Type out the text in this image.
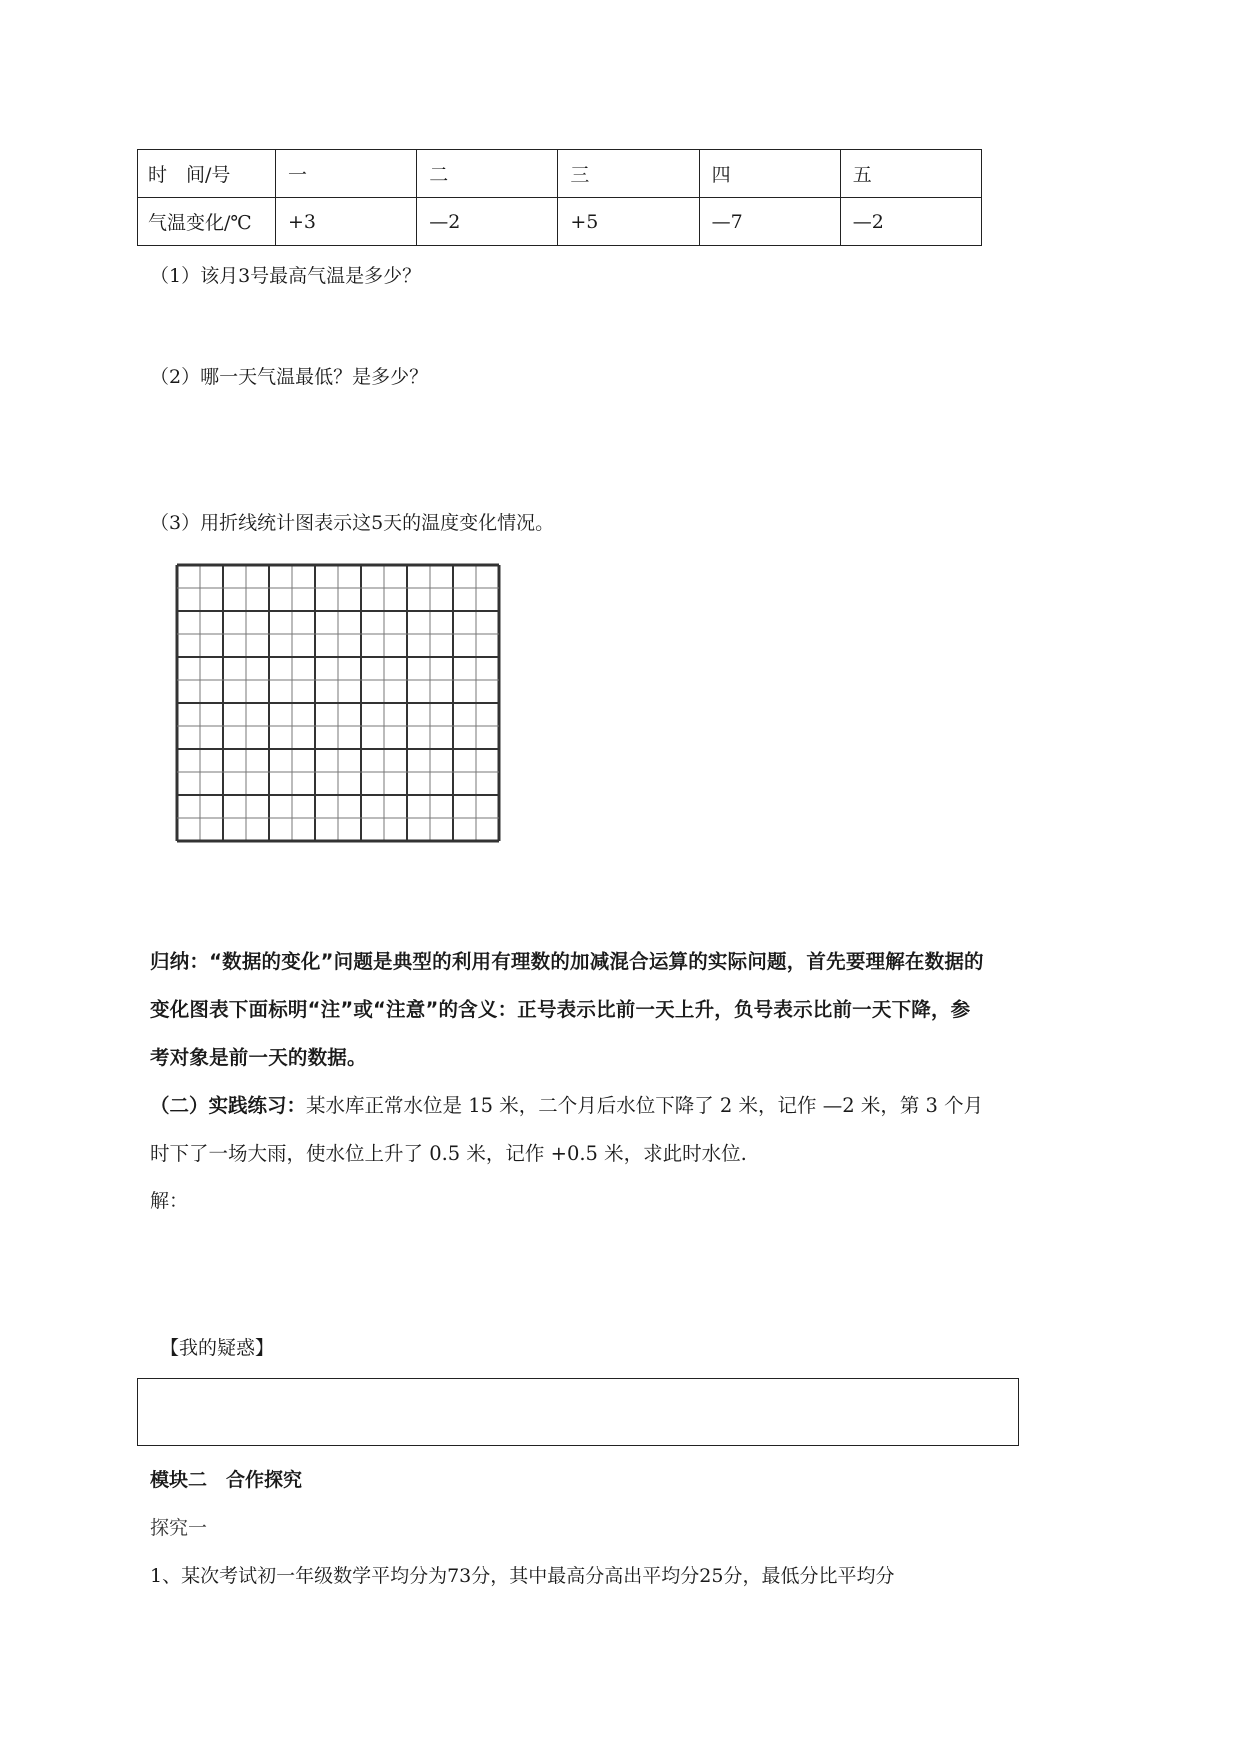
时　间/号	一	二	三	四	五
气温变化/℃	+3	—2	+5	—7	—2
（1）该月3号最高气温是多少？
（2）哪一天气温最低？是多少？
（3）用折线统计图表示这5天的温度变化情况。
归纳：“数据的变化”问题是典型的利用有理数的加减混合运算的实际问题，首先要理解在数据的
变化图表下面标明“注”或“注意”的含义：正号表示比前一天上升，负号表示比前一天下降，参
考对象是前一天的数据。
（二）实践练习：某水库正常水位是 15 米，二个月后水位下降了 2 米，记作 —2 米，第 3 个月
时下了一场大雨，使水位上升了 0.5 米，记作 +0.5 米，求此时水位.
解：
【我的疑惑】
模块二　合作探究
探究一
1、某次考试初一年级数学平均分为73分，其中最高分高出平均分25分，最低分比平均分
